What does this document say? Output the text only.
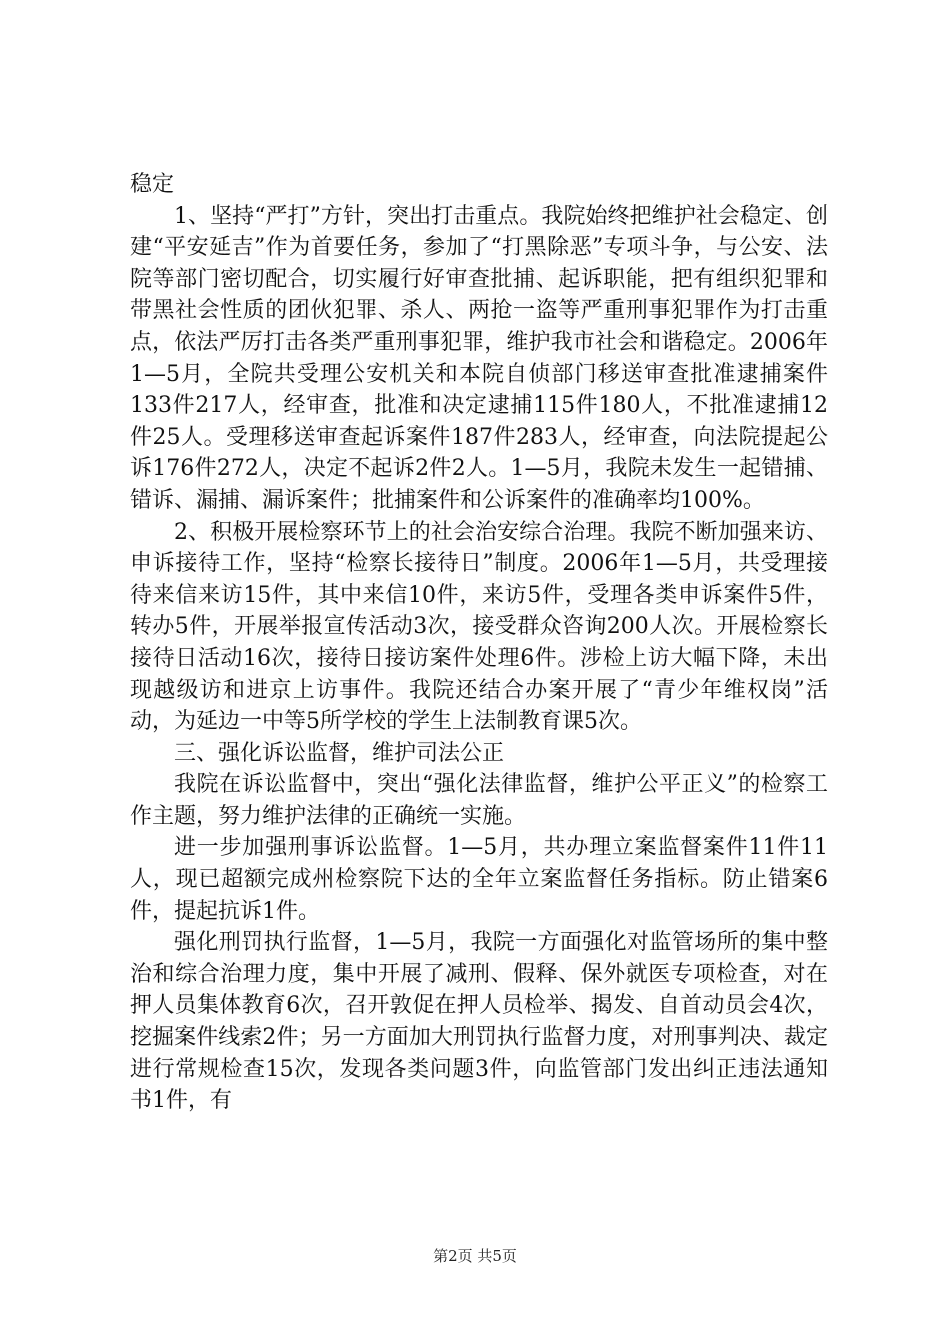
稳定

1、坚持“严打”方针，突出打击重点。我院始终把维护社会稳定、创建“平安延吉”作为首要任务，参加了“打黑除恶”专项斗争，与公安、法院等部门密切配合，切实履行好审查批捕、起诉职能，把有组织犯罪和带黑社会性质的团伙犯罪、杀人、两抢一盗等严重刑事犯罪作为打击重点，依法严厉打击各类严重刑事犯罪，维护我市社会和谐稳定。2006年1—5月，全院共受理公安机关和本院自侦部门移送审查批准逮捕案件133件217人，经审查，批准和决定逮捕115件180人，不批准逮捕12件25人。受理移送审查起诉案件187件283人，经审查，向法院提起公诉176件272人，决定不起诉2件2人。1—5月，我院未发生一起错捕、错诉、漏捕、漏诉案件；批捕案件和公诉案件的准确率均100%。

2、积极开展检察环节上的社会治安综合治理。我院不断加强来访、申诉接待工作，坚持“检察长接待日”制度。2006年1—5月，共受理接待来信来访15件，其中来信10件，来访5件，受理各类申诉案件5件，转办5件，开展举报宣传活动3次，接受群众咨询200人次。开展检察长接待日活动16次，接待日接访案件处理6件。涉检上访大幅下降，未出现越级访和进京上访事件。我院还结合办案开展了“青少年维权岗”活动，为延边一中等5所学校的学生上法制教育课5次。

三、强化诉讼监督，维护司法公正

我院在诉讼监督中，突出“强化法律监督，维护公平正义”的检察工作主题，努力维护法律的正确统一实施。

进一步加强刑事诉讼监督。1—5月，共办理立案监督案件11件11人，现已超额完成州检察院下达的全年立案监督任务指标。防止错案6件，提起抗诉1件。

强化刑罚执行监督，1—5月，我院一方面强化对监管场所的集中整治和综合治理力度，集中开展了减刑、假释、保外就医专项检查，对在押人员集体教育6次，召开敦促在押人员检举、揭发、自首动员会4次，挖掘案件线索2件；另一方面加大刑罚执行监督力度，对刑事判决、裁定进行常规检查15次，发现各类问题3件，向监管部门发出纠正违法通知书1件，有

第2页 共5页
